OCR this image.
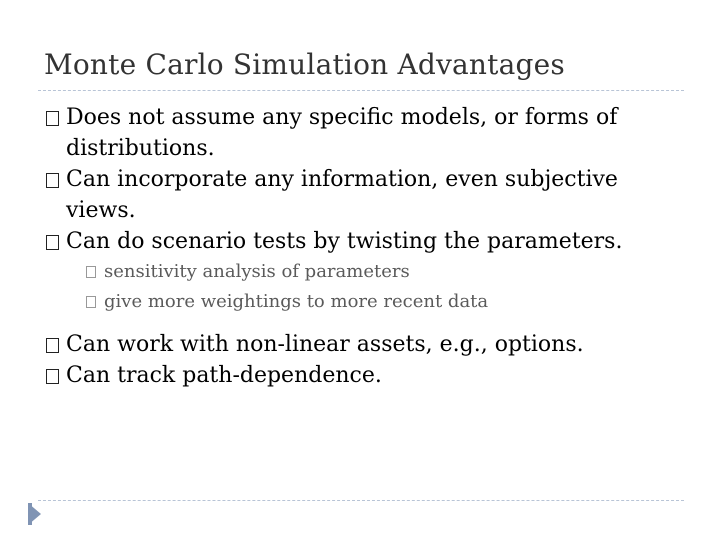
Monte Carlo Simulation Advantages

Does not assume any specific models, or forms of distributions.

Can incorporate any information, even subjective views.

Can do scenario tests by twisting the parameters.

sensitivity analysis of parameters

give more weightings to more recent data

Can work with non-linear assets, e.g., options.

Can track path-dependence.
